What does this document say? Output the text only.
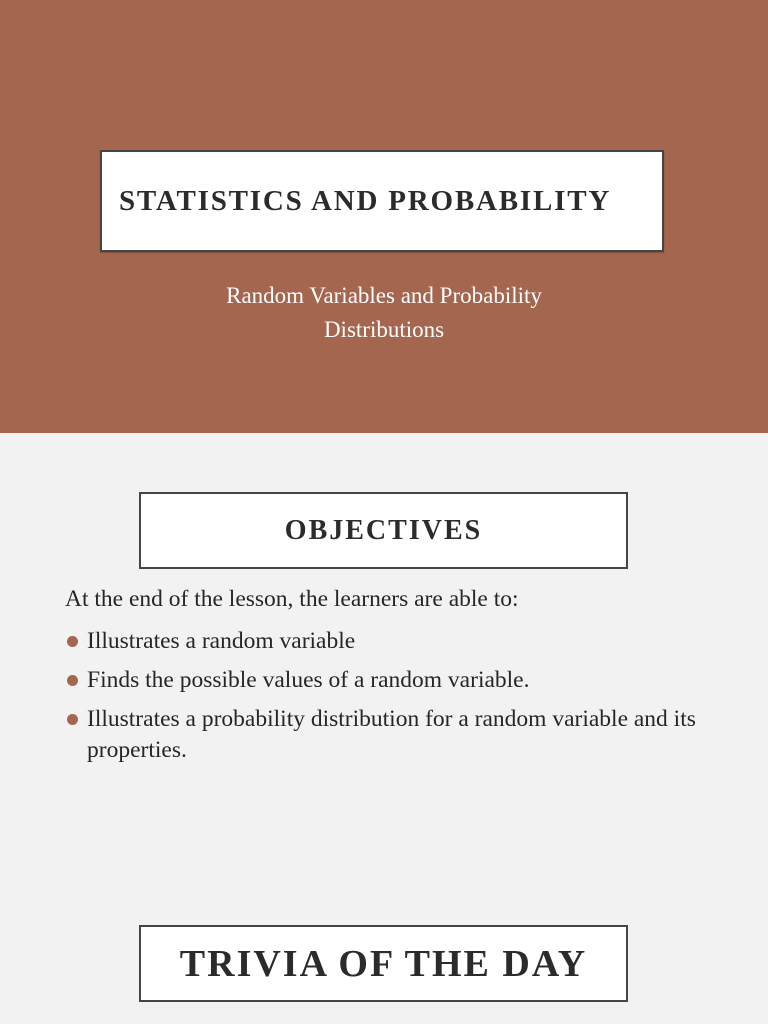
STATISTICS AND PROBABILITY
Random Variables and Probability
Distributions
OBJECTIVES
At the end of the lesson, the learners are able to:
Illustrates a random variable
Finds the possible values of a random variable.
Illustrates a probability distribution for a random variable and its properties.
TRIVIA OF THE DAY
